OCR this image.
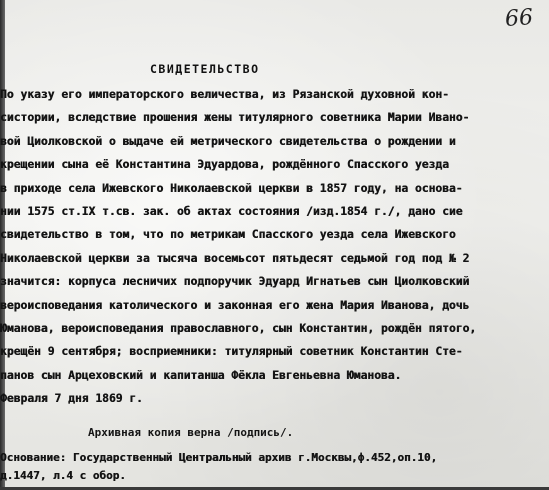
66
СВИДЕТЕЛЬСТВО
По указу его императорского величества, из Рязанской духовной кон-
систории, вследствие прошения жены титулярного советника Марии Ивано-
вой Циолковской о выдаче ей метрического свидетельства о рождении и
крещении сына её Константина Эдуардова, рождённого Спасского уезда
в приходе села Ижевского Николаевской церкви в 1857 году, на основа-
нии 1575 ст.IX т.св. зак. об актах состояния /изд.1854 г./, дано сие
свидетельство в том, что по метрикам Спасского уезда села Ижевского
Николаевской церкви за тысяча восемьсот пятьдесят седьмой год под № 2
значится: корпуса лесничих подпоручик Эдуард Игнатьев сын Циолковский
вероисповедания католического и законная его жена Мария Иванова, дочь
Юманова, вероисповедания православного, сын Константин, рождён пятого,
крещён 9 сентября; восприемники: титулярный советник Константин Сте-
панов сын Арцеховский и капитанша Фёкла Евгеньевна Юманова.
Февраля 7 дня 1869 г.
Архивная копия верна /подпись/.
Основание: Государственный Центральный архив г.Москвы,ф.452,оп.10,
д.1447, л.4 с обор.
